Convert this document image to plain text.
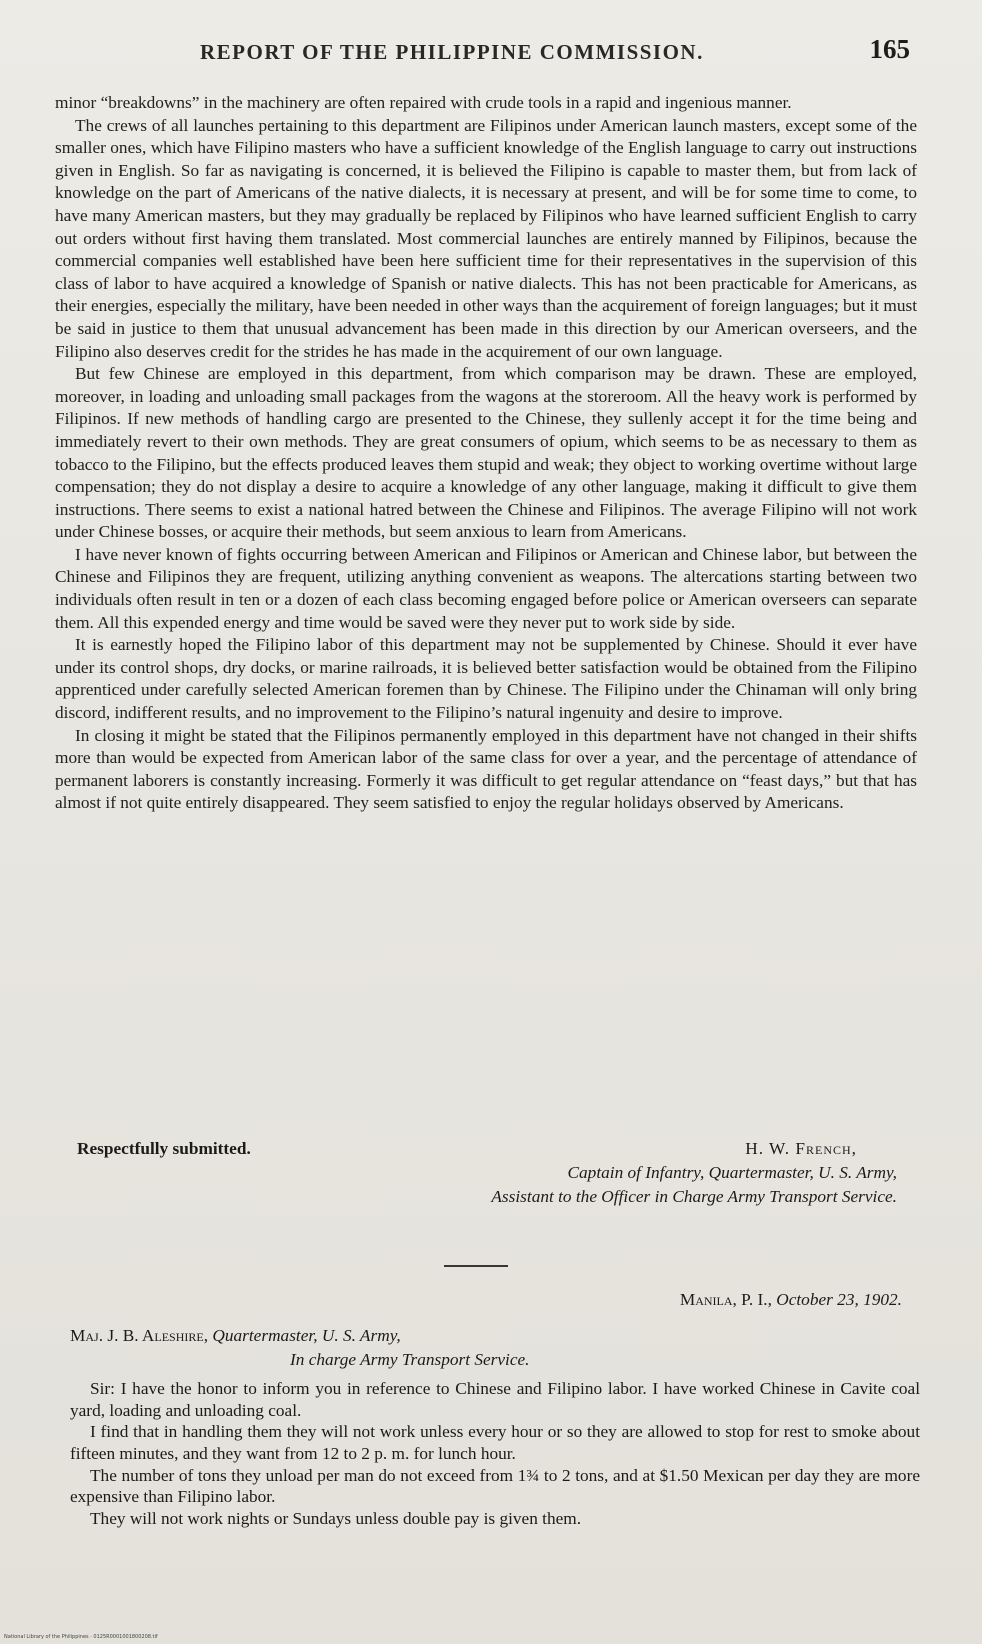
REPORT OF THE PHILIPPINE COMMISSION.	165

minor “breakdowns” in the machinery are often repaired with crude tools in a rapid and ingenious manner.

The crews of all launches pertaining to this department are Filipinos under American launch masters, except some of the smaller ones, which have Filipino masters who have a sufficient knowledge of the English language to carry out instructions given in English. So far as navigating is concerned, it is believed the Filipino is capable to master them, but from lack of knowledge on the part of Americans of the native dialects, it is necessary at present, and will be for some time to come, to have many American masters, but they may gradually be replaced by Filipinos who have learned sufficient English to carry out orders without first having them translated. Most commercial launches are entirely manned by Filipinos, because the commercial companies well established have been here sufficient time for their representatives in the supervision of this class of labor to have acquired a knowledge of Spanish or native dialects. This has not been practicable for Americans, as their energies, especially the military, have been needed in other ways than the acquirement of foreign languages; but it must be said in justice to them that unusual advancement has been made in this direction by our American overseers, and the Filipino also deserves credit for the strides he has made in the acquirement of our own language.

But few Chinese are employed in this department, from which comparison may be drawn. These are employed, moreover, in loading and unloading small packages from the wagons at the storeroom. All the heavy work is performed by Filipinos. If new methods of handling cargo are presented to the Chinese, they sullenly accept it for the time being and immediately revert to their own methods. They are great consumers of opium, which seems to be as necessary to them as tobacco to the Filipino, but the effects produced leaves them stupid and weak; they object to working overtime without large compensation; they do not display a desire to acquire a knowledge of any other language, making it difficult to give them instructions. There seems to exist a national hatred between the Chinese and Filipinos. The average Filipino will not work under Chinese bosses, or acquire their methods, but seem anxious to learn from Americans.

I have never known of fights occurring between American and Filipinos or American and Chinese labor, but between the Chinese and Filipinos they are frequent, utilizing anything convenient as weapons. The altercations starting between two individuals often result in ten or a dozen of each class becoming engaged before police or American overseers can separate them. All this expended energy and time would be saved were they never put to work side by side.

It is earnestly hoped the Filipino labor of this department may not be supplemented by Chinese. Should it ever have under its control shops, dry docks, or marine railroads, it is believed better satisfaction would be obtained from the Filipino apprenticed under carefully selected American foremen than by Chinese. The Filipino under the Chinaman will only bring discord, indifferent results, and no improvement to the Filipino’s natural ingenuity and desire to improve.

In closing it might be stated that the Filipinos permanently employed in this department have not changed in their shifts more than would be expected from American labor of the same class for over a year, and the percentage of attendance of permanent laborers is constantly increasing. Formerly it was difficult to get regular attendance on “feast days,” but that has almost if not quite entirely disappeared. They seem satisfied to enjoy the regular holidays observed by Americans.

Respectfully submitted.	H. W. French,
Captain of Infantry, Quartermaster, U. S. Army,
Assistant to the Officer in Charge Army Transport Service.
Manila, P. I., October 23, 1902.
Maj. J. B. Aleshire, Quartermaster, U. S. Army,
In charge Army Transport Service.

Sir: I have the honor to inform you in reference to Chinese and Filipino labor. I have worked Chinese in Cavite coal yard, loading and unloading coal.

I find that in handling them they will not work unless every hour or so they are allowed to stop for rest to smoke about fifteen minutes, and they want from 12 to 2 p. m. for lunch hour.

The number of tons they unload per man do not exceed from 1¾ to 2 tons, and at $1.50 Mexican per day they are more expensive than Filipino labor.

They will not work nights or Sundays unless double pay is given them.

National Library of the Philippines · 0125R0001001800208.tif
